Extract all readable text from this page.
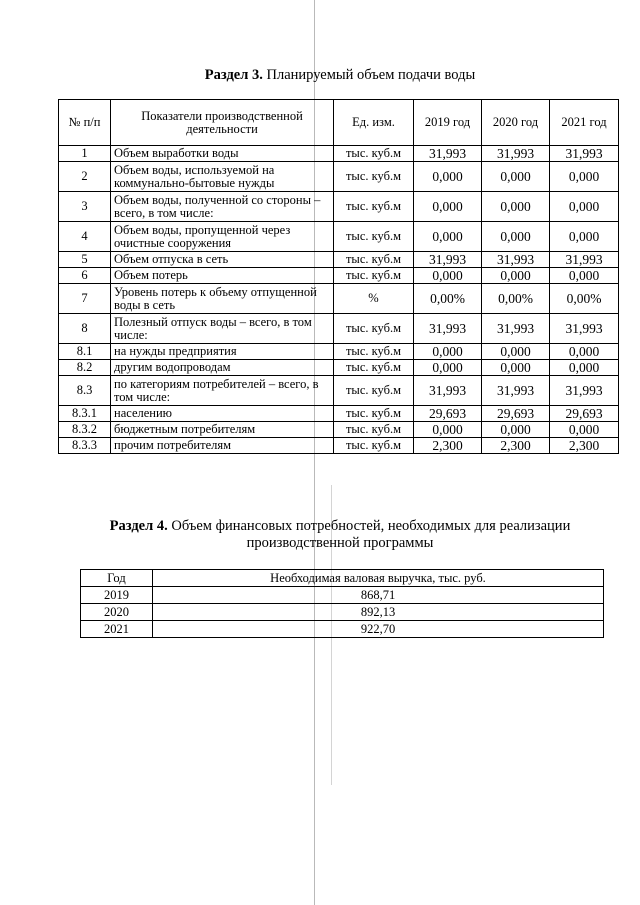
Раздел 3. Планируемый объем подачи воды
№ п/п	Показатели производственной деятельности	Ед. изм.	2019 год	2020 год	2021 год
1	Объем выработки воды	тыс. куб.м	31,993	31,993	31,993
2	Объем воды, используемой на коммунально-бытовые нужды	тыс. куб.м	0,000	0,000	0,000
3	Объем воды, полученной со стороны – всего, в том числе:	тыс. куб.м	0,000	0,000	0,000
4	Объем воды, пропущенной через очистные сооружения	тыс. куб.м	0,000	0,000	0,000
5	Объем отпуска в сеть	тыс. куб.м	31,993	31,993	31,993
6	Объем потерь	тыс. куб.м	0,000	0,000	0,000
7	Уровень потерь к объему отпущенной воды в сеть	%	0,00%	0,00%	0,00%
8	Полезный отпуск воды – всего, в том числе:	тыс. куб.м	31,993	31,993	31,993
8.1	на нужды предприятия	тыс. куб.м	0,000	0,000	0,000
8.2	другим водопроводам	тыс. куб.м	0,000	0,000	0,000
8.3	по категориям потребителей – всего, в том числе:	тыс. куб.м	31,993	31,993	31,993
8.3.1	населению	тыс. куб.м	29,693	29,693	29,693
8.3.2	бюджетным потребителям	тыс. куб.м	0,000	0,000	0,000
8.3.3	прочим потребителям	тыс. куб.м	2,300	2,300	2,300
Раздел 4. Объем финансовых потребностей, необходимых для реализации производственной программы
Год	Необходимая валовая выручка, тыс. руб.
2019	868,71
2020	892,13
2021	922,70
